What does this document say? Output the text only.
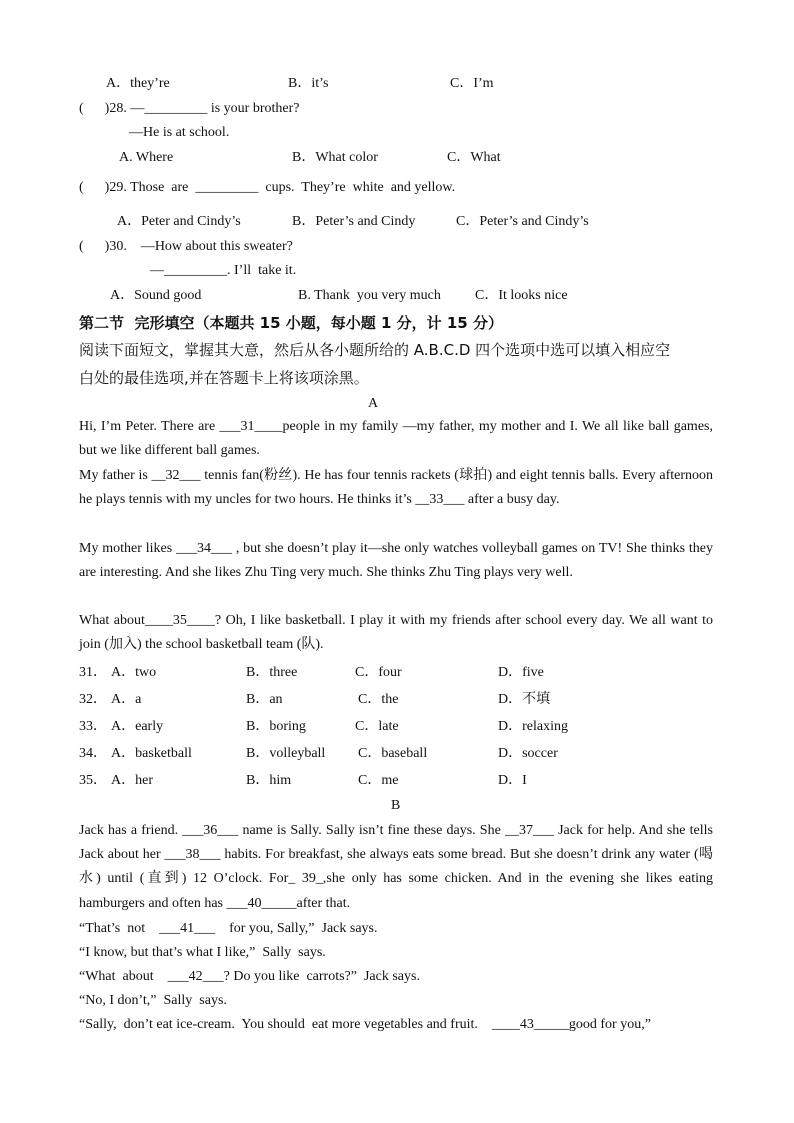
A．they’re	B．it’s	C．I’m
(      )28. —_________ is your brother?
—He is at school.
A. Where	B．What color	C．What
(      )29. Those  are  _________  cups.  They’re  white  and yellow.
A．Peter and Cindy’s	B．Peter’s and Cindy	C．Peter’s and Cindy’s
(      )30.    —How about this sweater?
—_________. I’ll  take it.
A．Sound good	B. Thank  you very much C．It looks nice
第二节  完形填空（本题共 15 小题，每小题 1 分，计 15 分）
阅读下面短文，掌握其大意，然后从各小题所给的 A.B.C.D 四个选项中选可以填入相应空
白处的最佳选项,并在答题卡上将该项涂黑。
A
Hi, I’m Peter. There are ___31____people in my family —my father, my mother and I. We all like ball games, but we like different ball games.
My father is __32___ tennis fan(粉丝). He has four tennis rackets (球拍) and eight tennis balls. Every afternoon he plays tennis with my uncles for two hours. He thinks it’s __33___ after a busy day.
My mother likes ___34___ , but she doesn’t play it—she only watches volleyball games on TV! She thinks they are interesting. And she likes Zhu Ting very much. She thinks Zhu Ting plays very well.
What about____35____? Oh, I like basketball. I play it with my friends after school every day. We all want to join (加入) the school basketball team (队).
31． A．two	B．three	C．four	D．five
32． A．a	B．an	C．the	D．不填
33． A．early	B．boring	C．late	D．relaxing
34． A．basketball	B．volleyball C．baseball	D．soccer
35． A．her	B．him	C．me	D．I
B
Jack has a friend. ___36___ name is Sally. Sally isn’t fine these days. She __37___ Jack for help. And she tells Jack about her ___38___ habits. For breakfast, she always eats some bread. But she doesn’t drink any water (喝水) until (直到) 12 O’clock. For_ 39_,she only has some chicken. And in the evening she likes eating hamburgers and often has ___40_____after that.
“That’s  not    ___41___    for you, Sally,”  Jack says.
“I know, but that’s what I like,”  Sally  says.
“What  about    ___42___? Do you like  carrots?”  Jack says.
“No, I don’t,”  Sally  says.
“Sally,  don’t eat ice-cream.  You should  eat more vegetables and fruit.    ____43_____good for you,”
